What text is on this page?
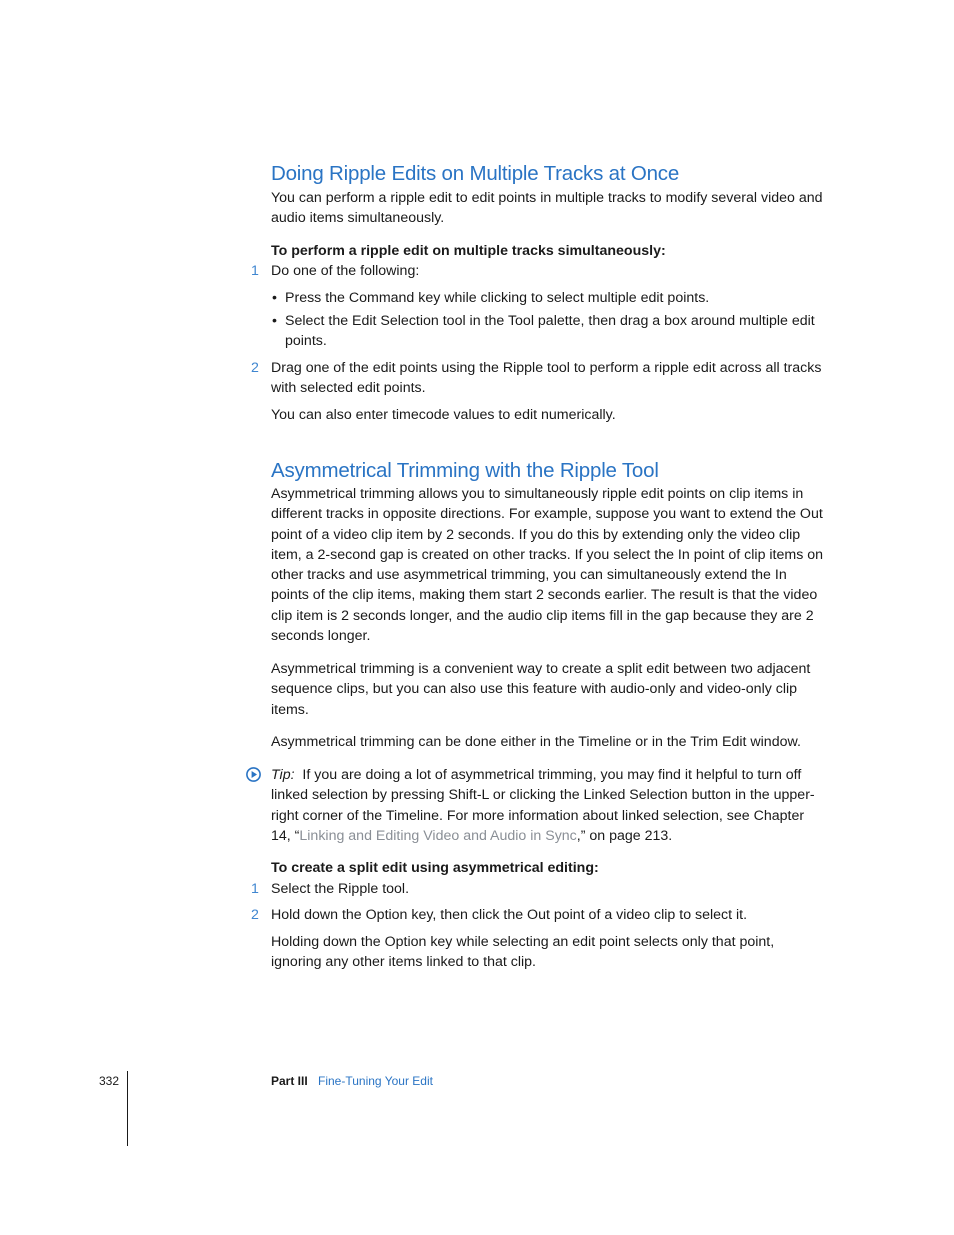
Doing Ripple Edits on Multiple Tracks at Once

You can perform a ripple edit to edit points in multiple tracks to modify several video and audio items simultaneously.

To perform a ripple edit on multiple tracks simultaneously:

1 Do one of the following:

• Press the Command key while clicking to select multiple edit points.

• Select the Edit Selection tool in the Tool palette, then drag a box around multiple edit points.

2 Drag one of the edit points using the Ripple tool to perform a ripple edit across all tracks with selected edit points.

You can also enter timecode values to edit numerically.

Asymmetrical Trimming with the Ripple Tool

Asymmetrical trimming allows you to simultaneously ripple edit points on clip items in different tracks in opposite directions. For example, suppose you want to extend the Out point of a video clip item by 2 seconds. If you do this by extending only the video clip item, a 2-second gap is created on other tracks. If you select the In point of clip items on other tracks and use asymmetrical trimming, you can simultaneously extend the In points of the clip items, making them start 2 seconds earlier. The result is that the video clip item is 2 seconds longer, and the audio clip items fill in the gap because they are 2 seconds longer.

Asymmetrical trimming is a convenient way to create a split edit between two adjacent sequence clips, but you can also use this feature with audio-only and video-only clip items.

Asymmetrical trimming can be done either in the Timeline or in the Trim Edit window.

Tip: If you are doing a lot of asymmetrical trimming, you may find it helpful to turn off linked selection by pressing Shift-L or clicking the Linked Selection button in the upper-right corner of the Timeline. For more information about linked selection, see Chapter 14, “Linking and Editing Video and Audio in Sync,” on page 213.

To create a split edit using asymmetrical editing:

1 Select the Ripple tool.

2 Hold down the Option key, then click the Out point of a video clip to select it.

Holding down the Option key while selecting an edit point selects only that point, ignoring any other items linked to that clip.

332	Part III Fine-Tuning Your Edit
